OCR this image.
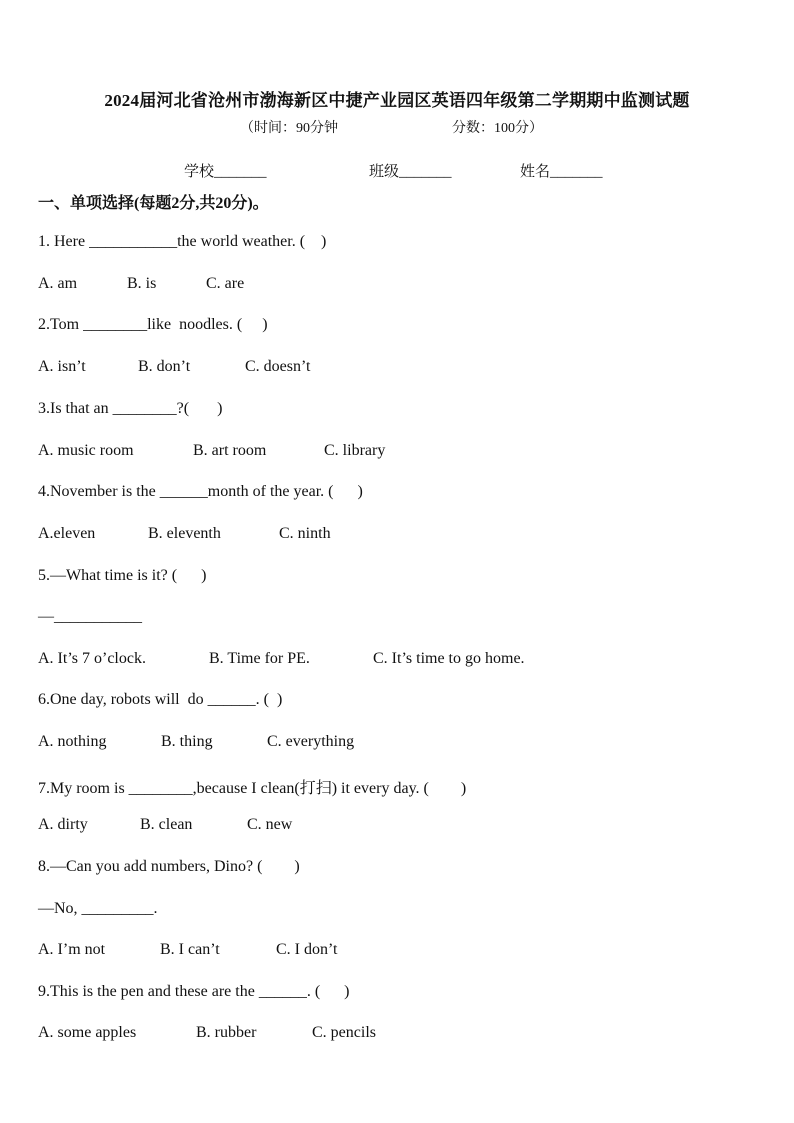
2024届河北省沧州市渤海新区中捷产业园区英语四年级第二学期期中监测试题
（时间：90分钟	分数：100分）
学校_______	班级_______	姓名_______
一、单项选择(每题2分,共20分)。
1. Here ___________the world weather. (    )
A. am	B. is	C. are
2.Tom ________like  noodles. (     )
A. isn’t	B. don’t	C. doesn’t
3.Is that an ________?(       )
A. music room	B. art room	C. library
4.November is the ______month of the year. (      )
A.eleven	B. eleventh	C. ninth
5.—What time is it? (      )
—___________
A. It’s 7 o’clock.	B. Time for PE.	C. It’s time to go home.
6.One day, robots will  do ______. (  )
A. nothing	B. thing	C. everything
7.My room is ________,because I clean(打扫) it every day. (        )
A. dirty	B. clean	C. new
8.—Can you add numbers, Dino? (        )
—No, _________.
A. I’m not	B. I can’t	C. I don’t
9.This is the pen and these are the ______. (      )
A. some apples	B. rubber	C. pencils
